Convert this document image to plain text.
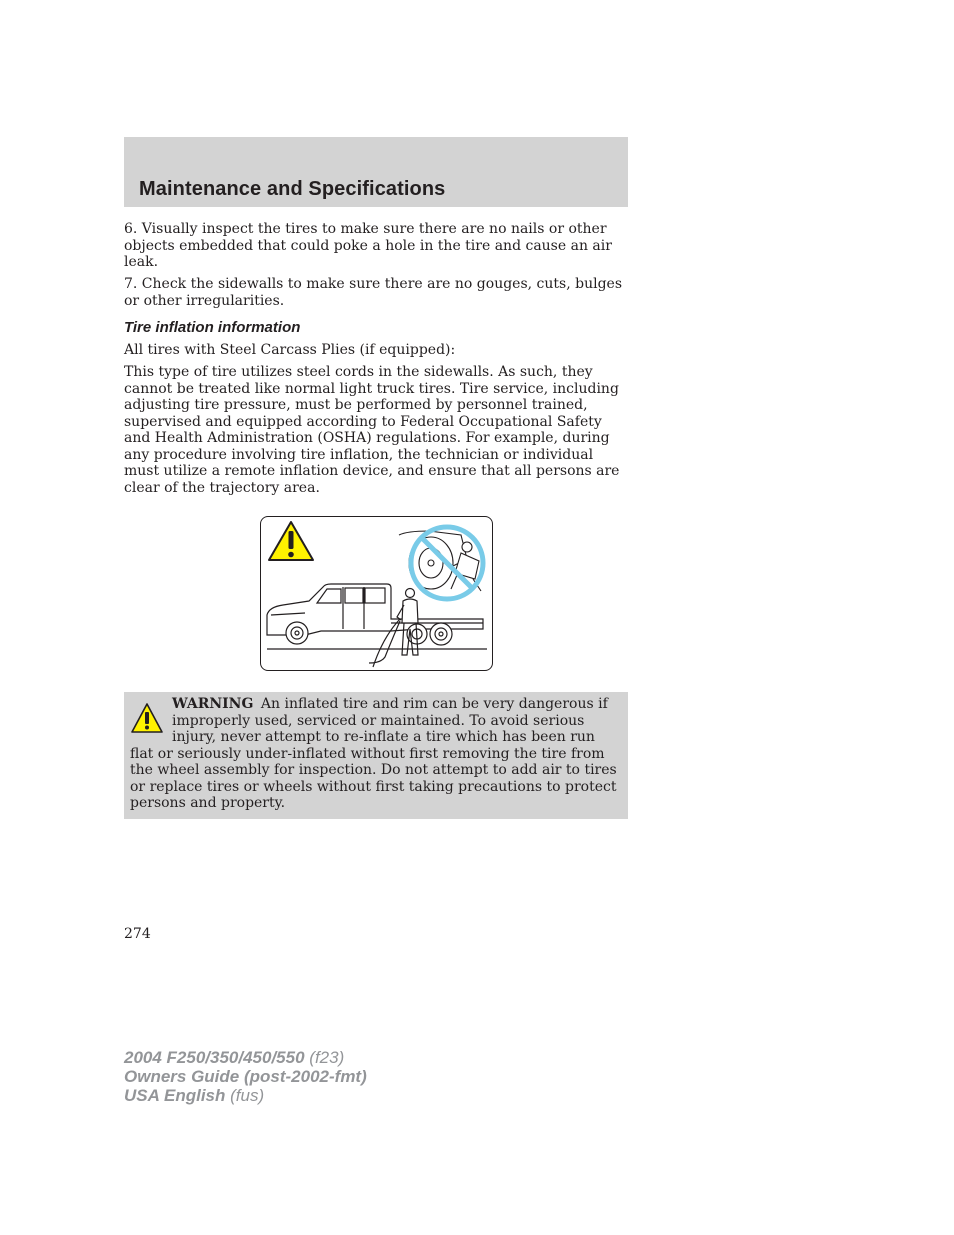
Maintenance and Specifications

6. Visually inspect the tires to make sure there are no nails or other objects embedded that could poke a hole in the tire and cause an air leak.

7. Check the sidewalls to make sure there are no gouges, cuts, bulges or other irregularities.

Tire inflation information

All tires with Steel Carcass Plies (if equipped):

This type of tire utilizes steel cords in the sidewalls. As such, they cannot be treated like normal light truck tires. Tire service, including adjusting tire pressure, must be performed by personnel trained, supervised and equipped according to Federal Occupational Safety and Health Administration (OSHA) regulations. For example, during any procedure involving tire inflation, the technician or individual must utilize a remote inflation device, and ensure that all persons are clear of the trajectory area.

WARNING An inflated tire and rim can be very dangerous if improperly used, serviced or maintained. To avoid serious injury, never attempt to re-inflate a tire which has been run flat or seriously under-inflated without first removing the tire from the wheel assembly for inspection. Do not attempt to add air to tires or replace tires or wheels without first taking precautions to protect persons and property.

274
2004 F250/350/450/550 (f23)
Owners Guide (post-2002-fmt)
USA English (fus)
